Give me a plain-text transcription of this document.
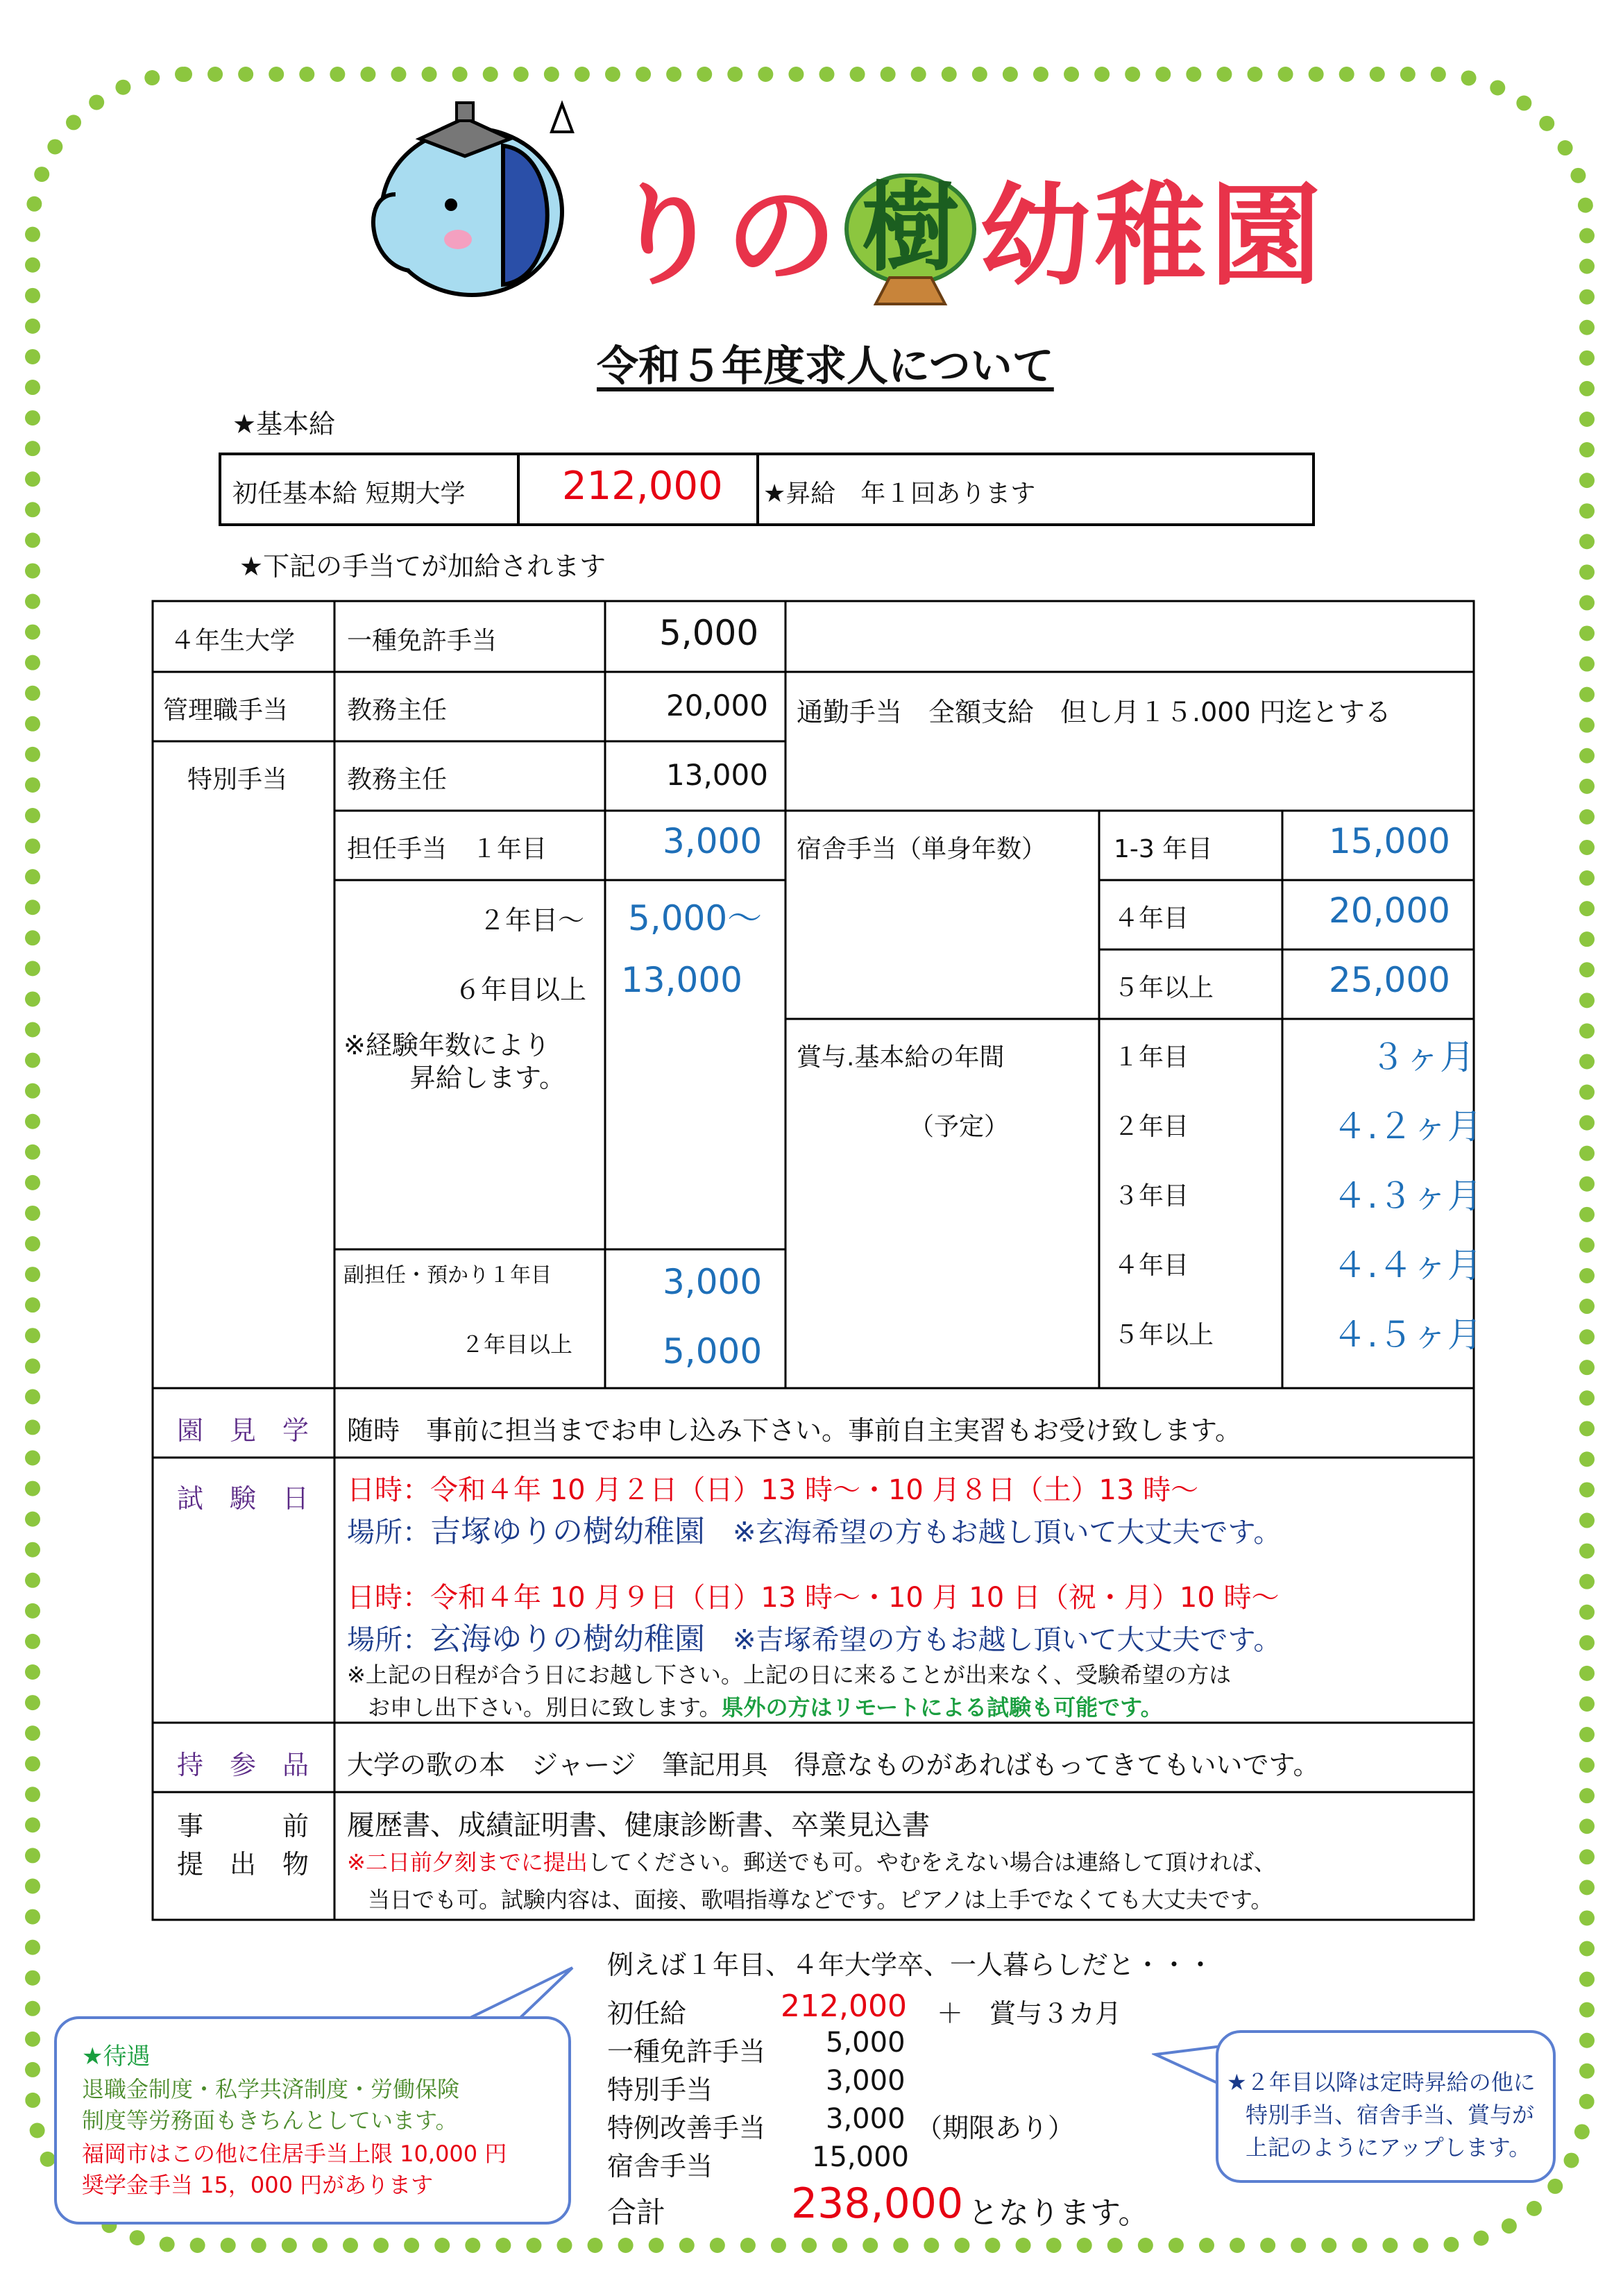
りの 樹 幼稚園
令和５年度求人について
★基本給
初任基本給 短期大学 212,000 ★昇給　年１回あります
★下記の手当てが加給されます
４年生大学 一種免許手当	5,000
管理職手当 教務主任	20,000 通勤手当　全額支給　但し月１５.000 円迄とする
特別手当 教務主任	13,000
担任手当　１年目	3,000
２年目〜 5,000〜
６年目以上 13,000
※経験年数により
昇給します。
副担任・預かり１年目	3,000
２年目以上	5,000
宿舎手当（単身年数）	1-3 年目	15,000
４年目	20,000
５年以上	25,000
賞与.基本給の年間
（予定）
１年目	３ヶ月
２年目	４.２ヶ月
３年目	４.３ヶ月
４年目	４.４ヶ月
５年以上	４.５ヶ月
園　見　学 随時　事前に担当までお申し込み下さい。事前自主実習もお受け致します。
試　験　日 日時：令和４年 10 月２日（日）13 時〜・10 月８日（土）13 時〜
場所：吉塚ゆりの樹幼稚園 ※玄海希望の方もお越し頂いて大丈夫です。
日時：令和４年 10 月９日（日）13 時〜・10 月 10 日（祝・月）10 時〜
場所：玄海ゆりの樹幼稚園 ※吉塚希望の方もお越し頂いて大丈夫です。
※上記の日程が合う日にお越し下さい。上記の日に来ることが出来なく、受験希望の方は
お申し出下さい。別日に致します。県外の方はリモートによる試験も可能です。
持　参　品 大学の歌の本　ジャージ　筆記用具　得意なものがあればもってきてもいいです。
事　　　前
提　出　物
履歴書、成績証明書、健康診断書、卒業見込書
※二日前夕刻までに提出してください。郵送でも可。やむをえない場合は連絡して頂ければ、
当日でも可。試験内容は、面接、歌唱指導などです。ピアノは上手でなくても大丈夫です。
例えば１年目、４年大学卒、一人暮らしだと・・・
初任給	212,000 ＋　賞与３カ月
一種免許手当 5,000
特別手当	3,000
特例改善手当 3,000 （期限あり）
宿舎手当	15,000
合計	238,000 となります。
★待遇
退職金制度・私学共済制度・労働保険
制度等労務面もきちんとしています。
福岡市はこの他に住居手当上限 10,000 円
奨学金手当 15，000 円があります
★２年目以降は定時昇給の他に
特別手当、宿舎手当、賞与が
上記のようにアップします。
